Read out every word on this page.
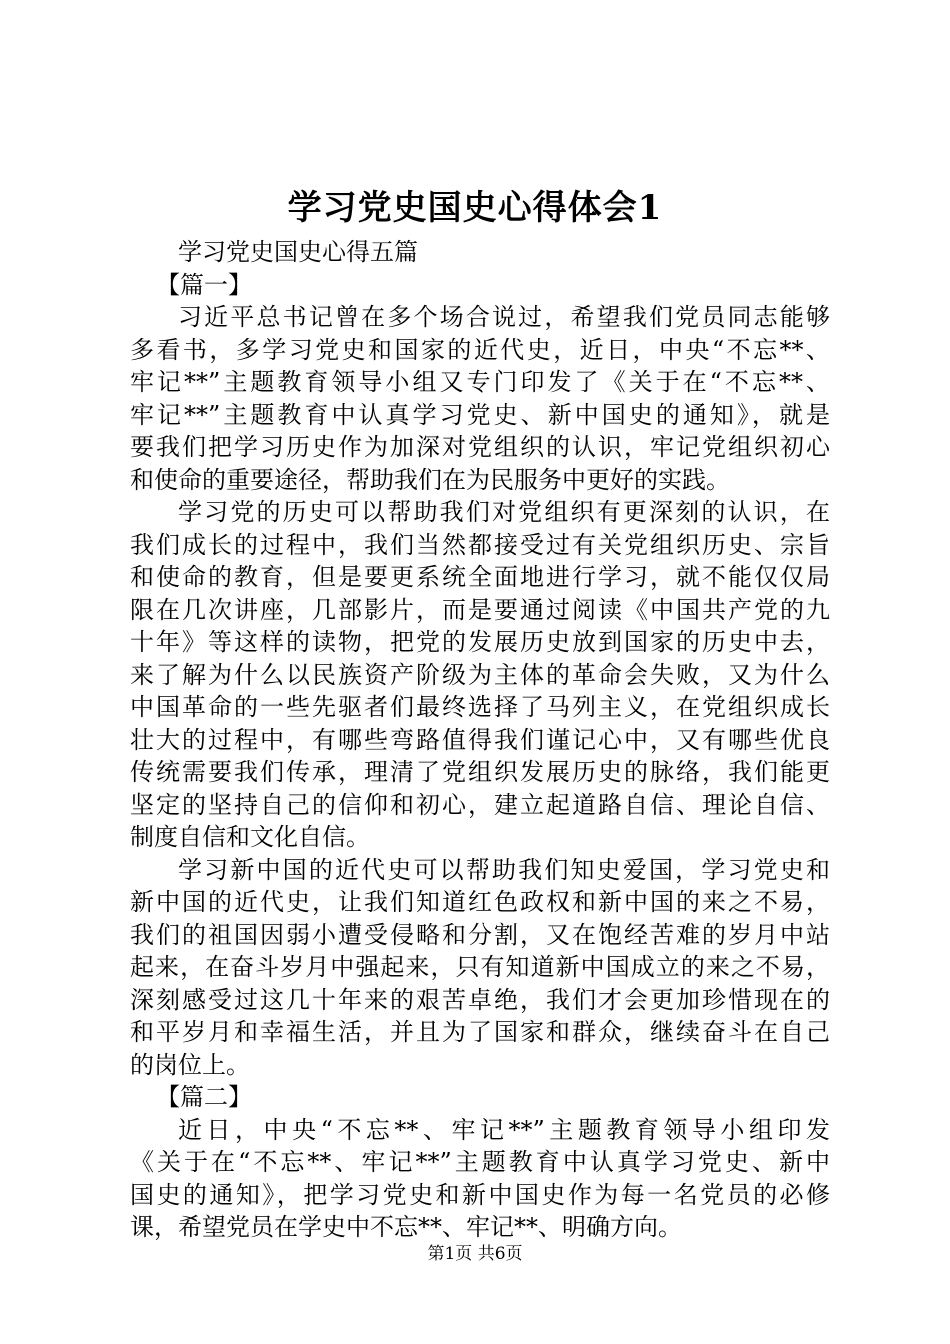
学习党史国史心得体会1
学习党史国史心得五篇
【篇一】
习近平总书记曾在多个场合说过，希望我们党员同志能够
多看书，多学习党史和国家的近代史，近日，中央“不忘**、
牢记**”主题教育领导小组又专门印发了《关于在“不忘**、
牢记**”主题教育中认真学习党史、新中国史的通知》，就是
要我们把学习历史作为加深对党组织的认识，牢记党组织初心
和使命的重要途径，帮助我们在为民服务中更好的实践。
学习党的历史可以帮助我们对党组织有更深刻的认识，在
我们成长的过程中，我们当然都接受过有关党组织历史、宗旨
和使命的教育，但是要更系统全面地进行学习，就不能仅仅局
限在几次讲座，几部影片，而是要通过阅读《中国共产党的九
十年》等这样的读物，把党的发展历史放到国家的历史中去，
来了解为什么以民族资产阶级为主体的革命会失败，又为什么
中国革命的一些先驱者们最终选择了马列主义，在党组织成长
壮大的过程中，有哪些弯路值得我们谨记心中，又有哪些优良
传统需要我们传承，理清了党组织发展历史的脉络，我们能更
坚定的坚持自己的信仰和初心，建立起道路自信、理论自信、
制度自信和文化自信。
学习新中国的近代史可以帮助我们知史爱国，学习党史和
新中国的近代史，让我们知道红色政权和新中国的来之不易，
我们的祖国因弱小遭受侵略和分割，又在饱经苦难的岁月中站
起来，在奋斗岁月中强起来，只有知道新中国成立的来之不易，
深刻感受过这几十年来的艰苦卓绝，我们才会更加珍惜现在的
和平岁月和幸福生活，并且为了国家和群众，继续奋斗在自己
的岗位上。
【篇二】
近日，中央“不忘**、牢记**”主题教育领导小组印发
《关于在“不忘**、牢记**”主题教育中认真学习党史、新中
国史的通知》，把学习党史和新中国史作为每一名党员的必修
课，希望党员在学史中不忘**、牢记**、明确方向。
第1页 共6页
